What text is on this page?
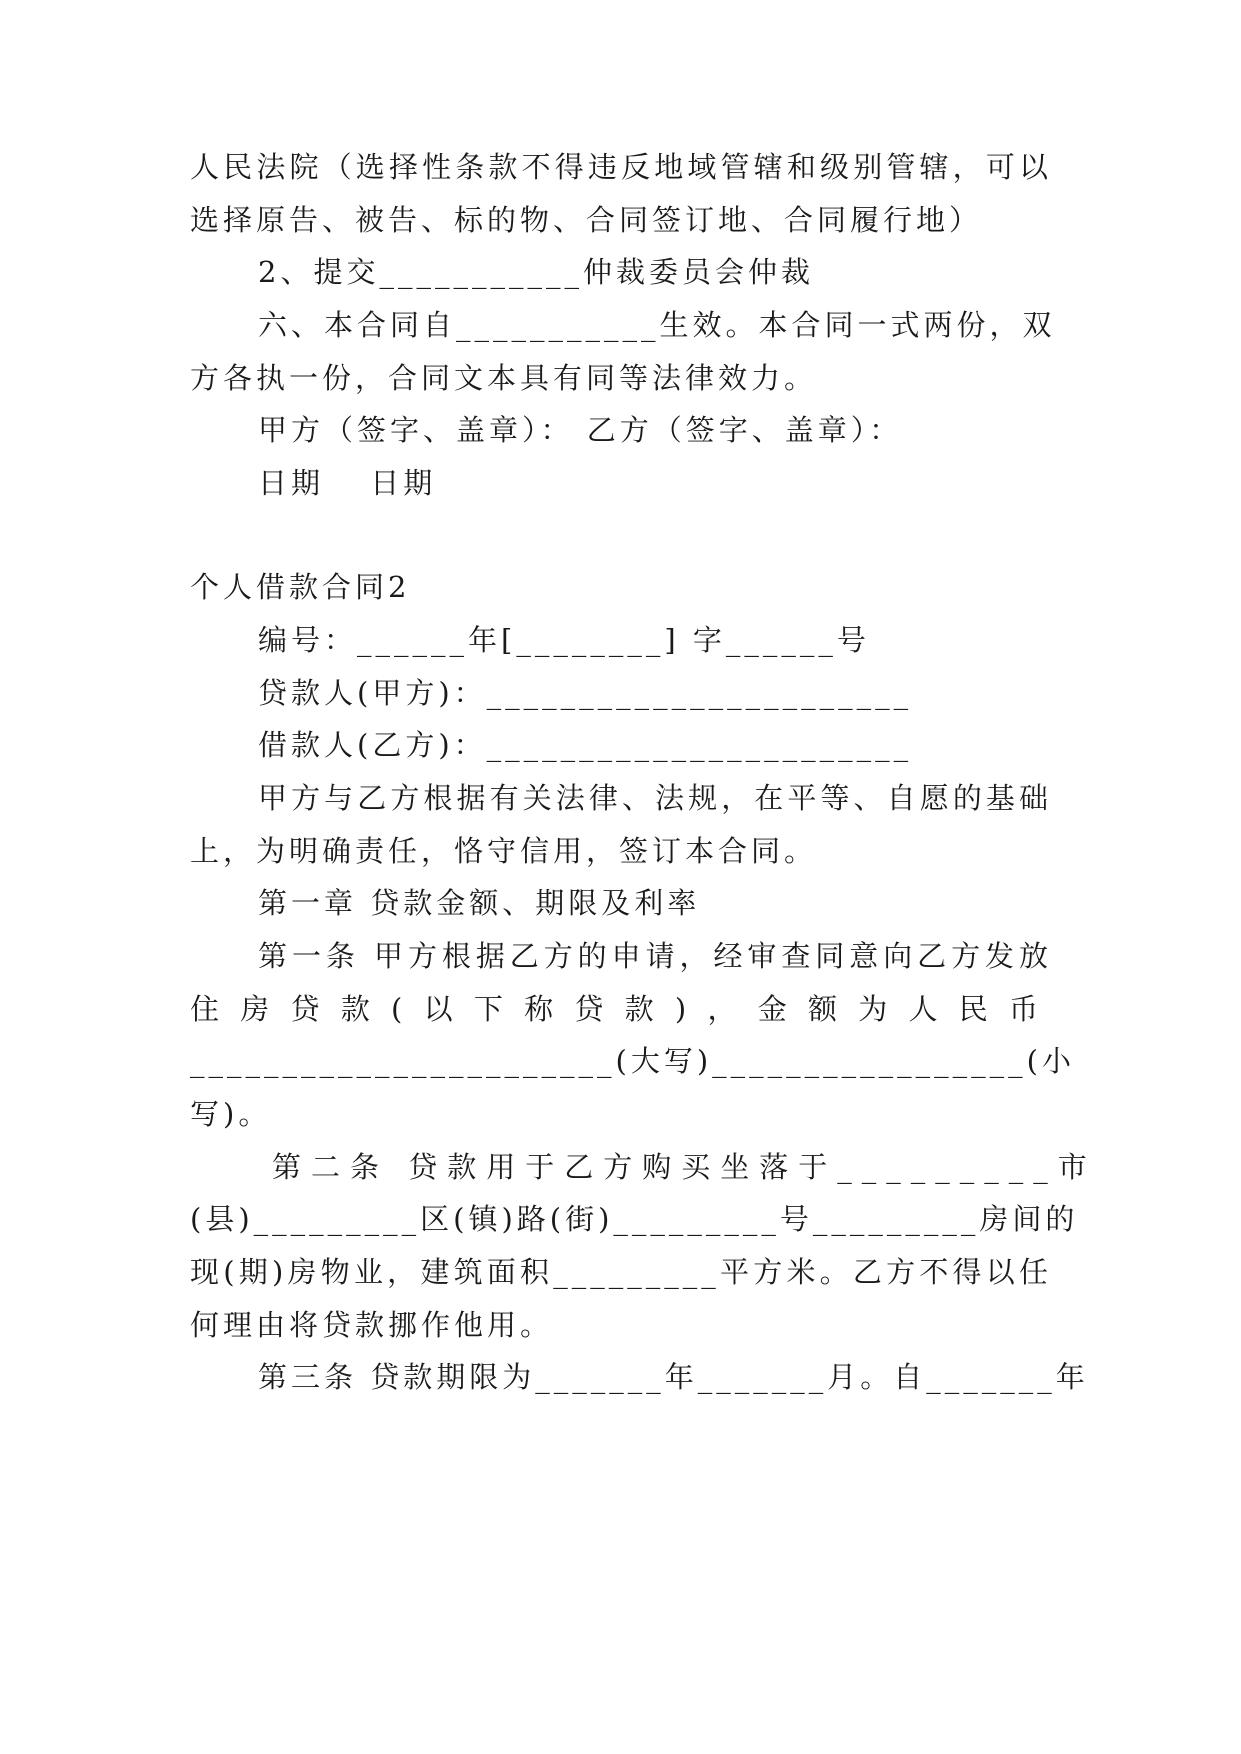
人民法院（选择性条款不得违反地域管辖和级别管辖，可以
选择原告、被告、标的物、合同签订地、合同履行地）
2、提交___________仲裁委员会仲裁
六、本合同自___________生效。本合同一式两份，双
方各执一份，合同文本具有同等法律效力。
甲方（签字、盖章）： 乙方（签字、盖章）：
日期　 日期
个人借款合同2
编号：______年[________] 字______号
贷款人(甲方)：_______________________
借款人(乙方)：_______________________
甲方与乙方根据有关法律、法规，在平等、自愿的基础
上，为明确责任，恪守信用，签订本合同。
第一章 贷款金额、期限及利率
第一条 甲方根据乙方的申请，经审查同意向乙方发放
住房贷款(以下称贷款)，金额为人民币
_______________________(大写)_________________(小
写)。
第二条 贷款用于乙方购买坐落于_________市
(县)_________区(镇)路(街)_________号_________房间的
现(期)房物业，建筑面积_________平方米。乙方不得以任
何理由将贷款挪作他用。
第三条 贷款期限为_______年_______月。自_______年
